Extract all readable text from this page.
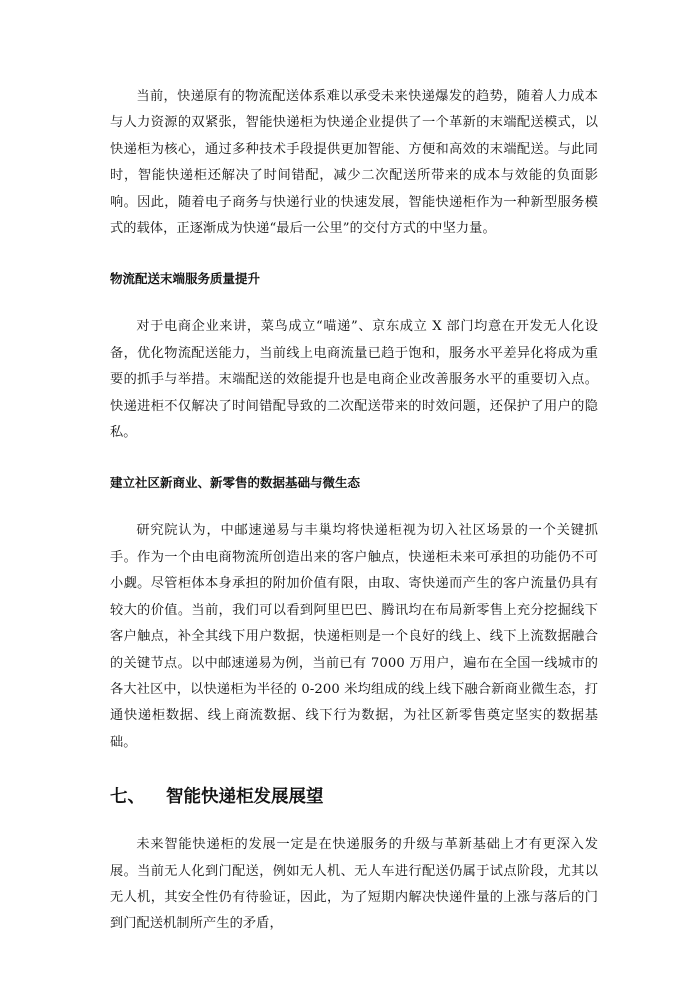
当前，快递原有的物流配送体系难以承受未来快递爆发的趋势，随着人力成本与人力资源的双紧张，智能快递柜为快递企业提供了一个革新的末端配送模式，以快递柜为核心，通过多种技术手段提供更加智能、方便和高效的末端配送。与此同时，智能快递柜还解决了时间错配，减少二次配送所带来的成本与效能的负面影响。因此，随着电子商务与快递行业的快速发展，智能快递柜作为一种新型服务模式的载体，正逐渐成为快递“最后一公里”的交付方式的中坚力量。

物流配送末端服务质量提升

对于电商企业来讲，菜鸟成立“喵递”、京东成立 X 部门均意在开发无人化设备，优化物流配送能力，当前线上电商流量已趋于饱和，服务水平差异化将成为重要的抓手与举措。末端配送的效能提升也是电商企业改善服务水平的重要切入点。快递进柜不仅解决了时间错配导致的二次配送带来的时效问题，还保护了用户的隐私。

建立社区新商业、新零售的数据基础与微生态

研究院认为，中邮速递易与丰巢均将快递柜视为切入社区场景的一个关键抓手。作为一个由电商物流所创造出来的客户触点，快递柜未来可承担的功能仍不可小觑。尽管柜体本身承担的附加价值有限，由取、寄快递而产生的客户流量仍具有较大的价值。当前，我们可以看到阿里巴巴、腾讯均在布局新零售上充分挖掘线下客户触点，补全其线下用户数据，快递柜则是一个良好的线上、线下上流数据融合的关键节点。以中邮速递易为例，当前已有 7000 万用户，遍布在全国一线城市的各大社区中，以快递柜为半径的 0-200 米均组成的线上线下融合新商业微生态，打通快递柜数据、线上商流数据、线下行为数据，为社区新零售奠定坚实的数据基础。

七、	智能快递柜发展展望

未来智能快递柜的发展一定是在快递服务的升级与革新基础上才有更深入发展。当前无人化到门配送，例如无人机、无人车进行配送仍属于试点阶段，尤其以无人机，其安全性仍有待验证，因此，为了短期内解决快递件量的上涨与落后的门到门配送机制所产生的矛盾，
